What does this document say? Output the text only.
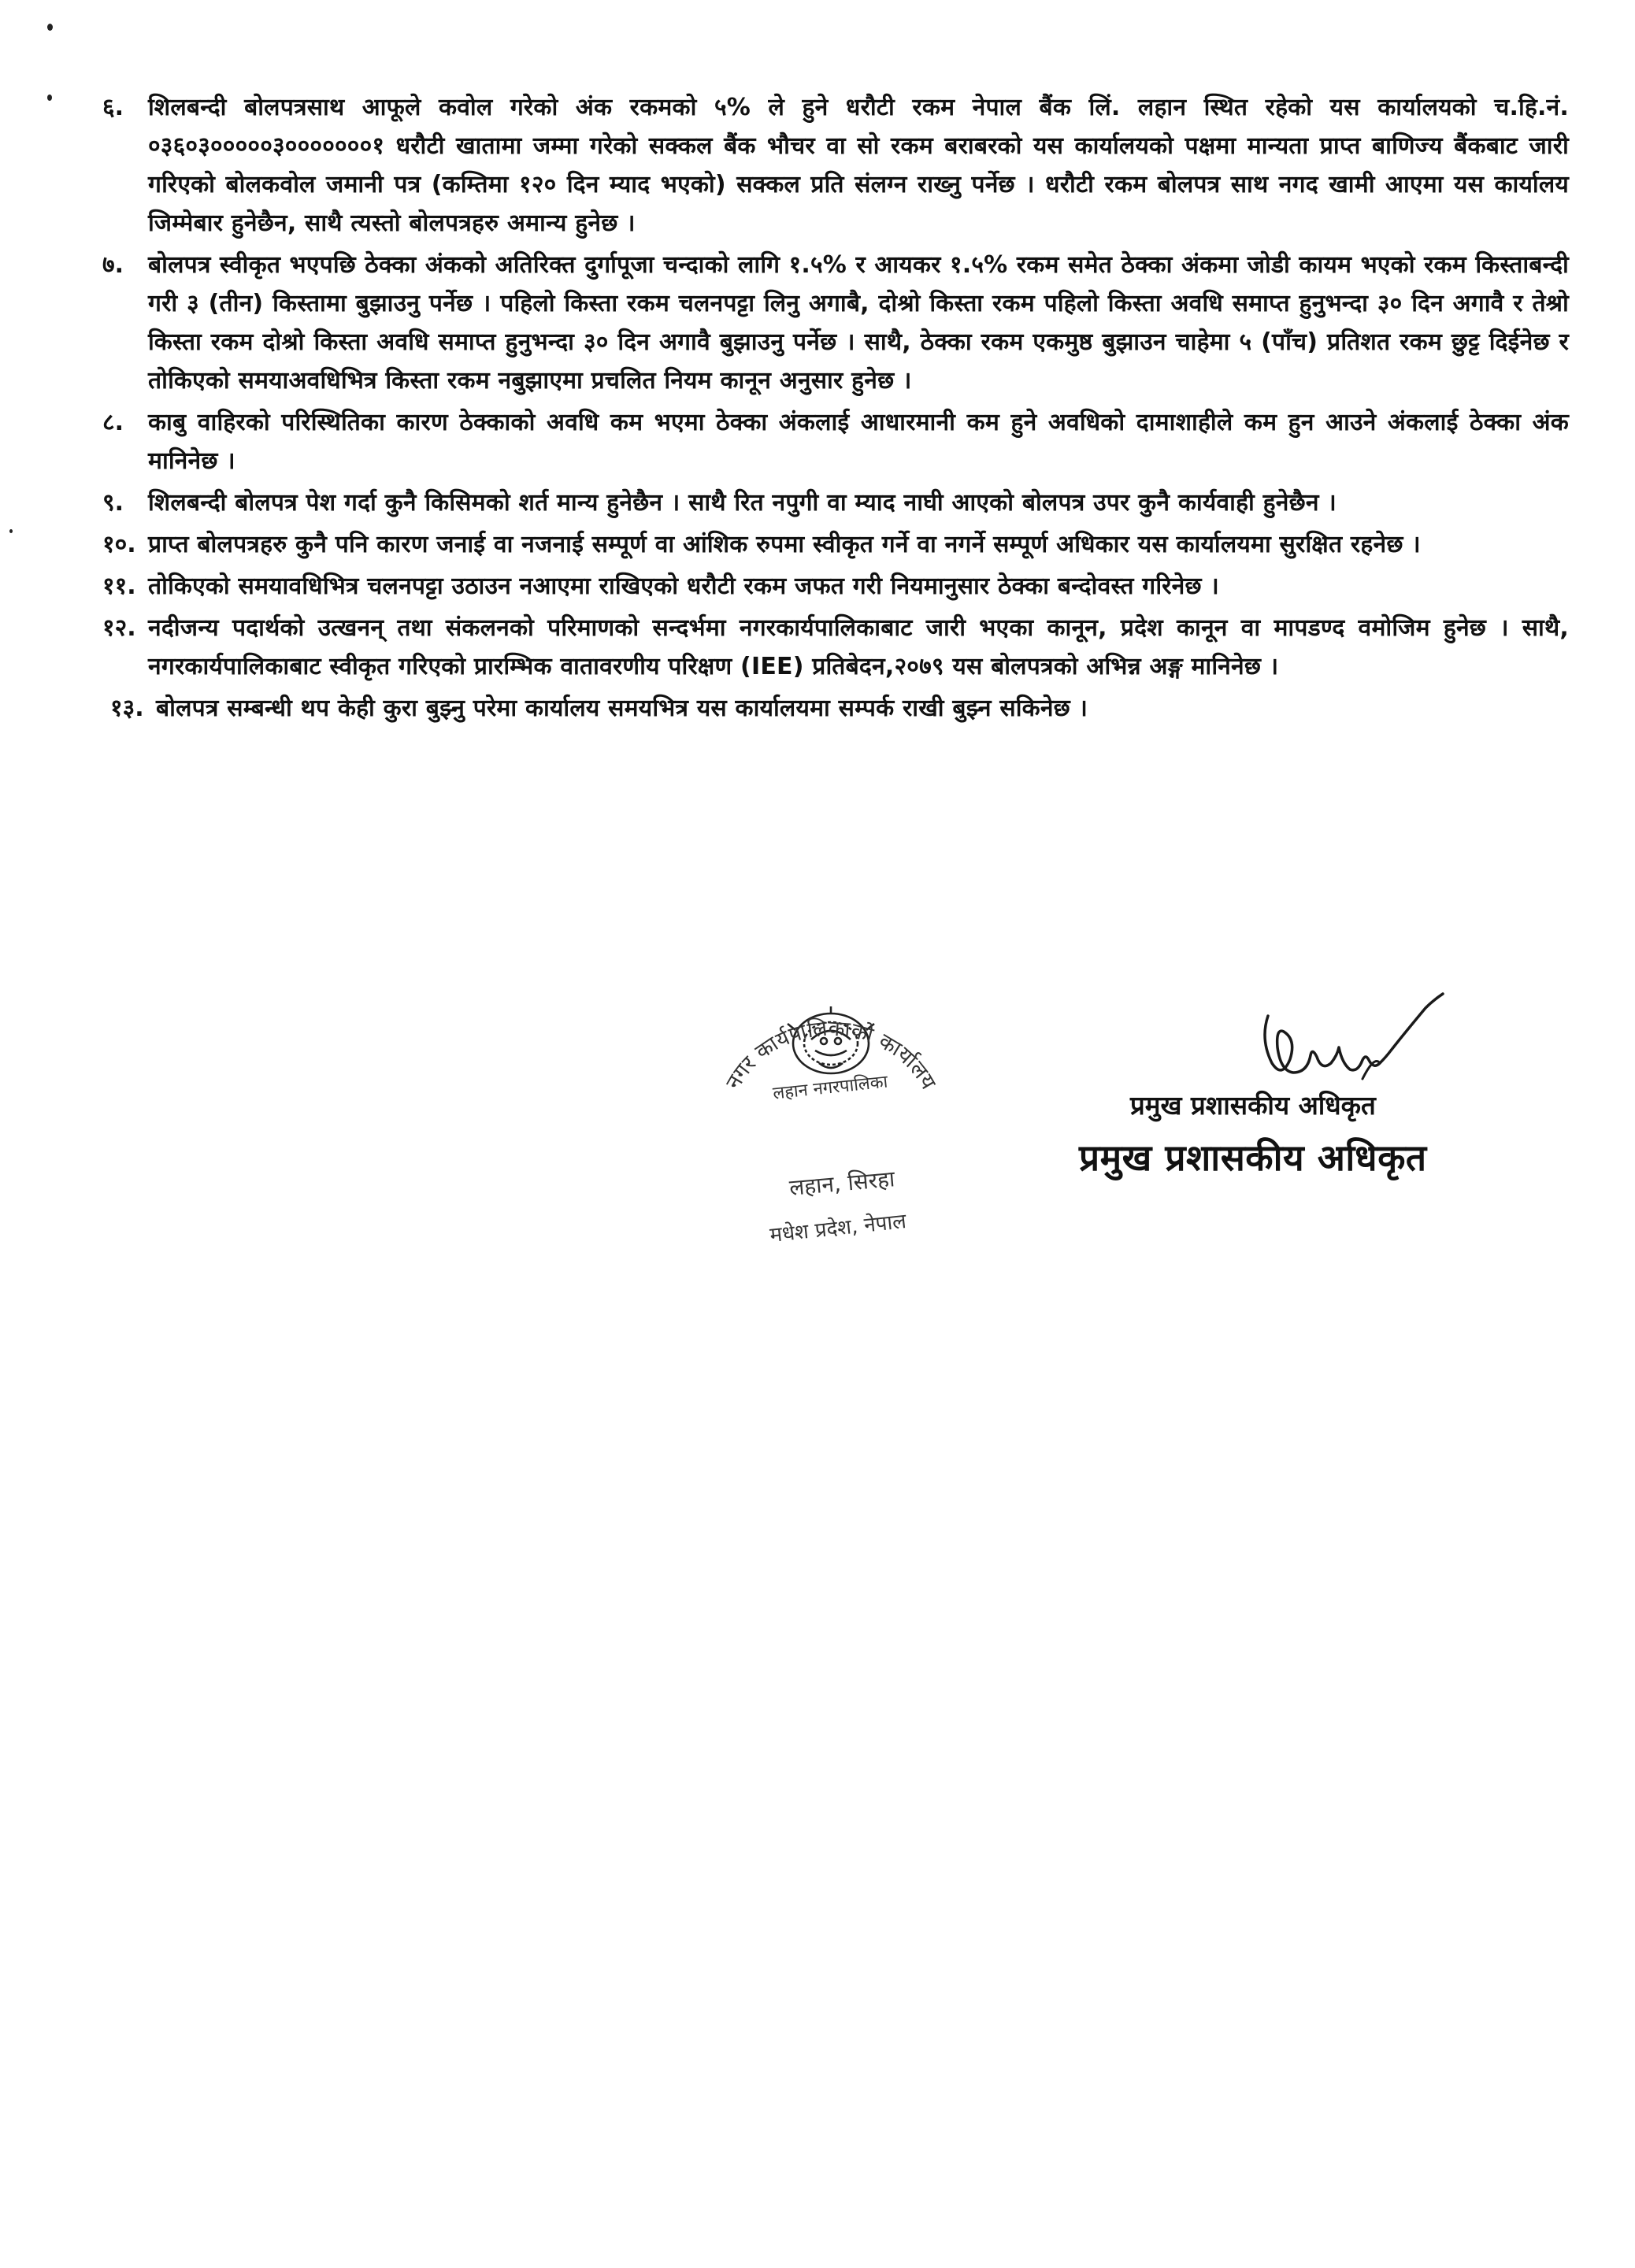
६.	शिलबन्दी बोलपत्रसाथ आफूले कवोल गरेको अंक रकमको ५% ले हुने धरौटी रकम नेपाल बैंक लिं. लहान स्थित रहेको यस कार्यालयको च.हि.नं. ०३६०३०००००३०००००००१ धरौटी खातामा जम्मा गरेको सक्कल बैंक भौचर वा सो रकम बराबरको यस कार्यालयको पक्षमा मान्यता प्राप्त बाणिज्य बैंकबाट जारी गरिएको बोलकवोल जमानी पत्र (कम्तिमा १२० दिन म्याद भएको) सक्कल प्रति संलग्न राख्नु पर्नेछ । धरौटी रकम बोलपत्र साथ नगद खामी आएमा यस कार्यालय जिम्मेबार हुनेछैन, साथै त्यस्तो बोलपत्रहरु अमान्य हुनेछ ।
७.	बोलपत्र स्वीकृत भएपछि ठेक्का अंकको अतिरिक्त दुर्गापूजा चन्दाको लागि १.५% र आयकर १.५% रकम समेत ठेक्का अंकमा जोडी कायम भएको रकम किस्ताबन्दी गरी ३ (तीन) किस्तामा बुझाउनु पर्नेछ । पहिलो किस्ता रकम चलनपट्टा लिनु अगाबै, दोश्रो किस्ता रकम पहिलो किस्ता अवधि समाप्त हुनुभन्दा ३० दिन अगावै र तेश्रो किस्ता रकम दोश्रो किस्ता अवधि समाप्त हुनुभन्दा ३० दिन अगावै बुझाउनु पर्नेछ । साथै, ठेक्का रकम एकमुष्ठ बुझाउन चाहेमा ५ (पाँच) प्रतिशत रकम छुट्ट दिईनेछ र तोकिएको समयाअवधिभित्र किस्ता रकम नबुझाएमा प्रचलित नियम कानून अनुसार हुनेछ ।
८.	काबु वाहिरको परिस्थितिका कारण ठेक्काको अवधि कम भएमा ठेक्का अंकलाई आधारमानी कम हुने अवधिको दामाशाहीले कम हुन आउने अंकलाई ठेक्का अंक मानिनेछ ।
९.	शिलबन्दी बोलपत्र पेश गर्दा कुनै किसिमको शर्त मान्य हुनेछैन । साथै रित नपुगी वा म्याद नाघी आएको बोलपत्र उपर कुनै कार्यवाही हुनेछैन ।
१०. प्राप्त बोलपत्रहरु कुनै पनि कारण जनाई वा नजनाई सम्पूर्ण वा आंशिक रुपमा स्वीकृत गर्ने वा नगर्ने सम्पूर्ण अधिकार यस कार्यालयमा सुरक्षित रहनेछ ।
११. तोकिएको समयावधिभित्र चलनपट्टा उठाउन नआएमा राखिएको धरौटी रकम जफत गरी नियमानुसार ठेक्का बन्दोवस्त गरिनेछ ।
१२. नदीजन्य पदार्थको उत्खनन् तथा संकलनको परिमाणको सन्दर्भमा नगरकार्यपालिकाबाट जारी भएका कानून, प्रदेश कानून वा मापडण्द वमोजिम हुनेछ । साथै, नगरकार्यपालिकाबाट स्वीकृत गरिएको प्रारम्भिक वातावरणीय परिक्षण (IEE) प्रतिबेदन,२०७९ यस बोलपत्रको अभिन्न अङ्ग मानिनेछ ।
१३. बोलपत्र सम्बन्धी थप केही कुरा बुझ्नु परेमा कार्यालय समयभित्र यस कार्यालयमा सम्पर्क राखी बुझ्न सकिनेछ ।
लहान नगरपालिका
नगर कार्यपालिकाको कार्यालय
लहान, सिरहा
मधेश प्रदेश, नेपाल
प्रमुख प्रशासकीय अधिकृत
प्रमुख प्रशासकीय अधिकृत
